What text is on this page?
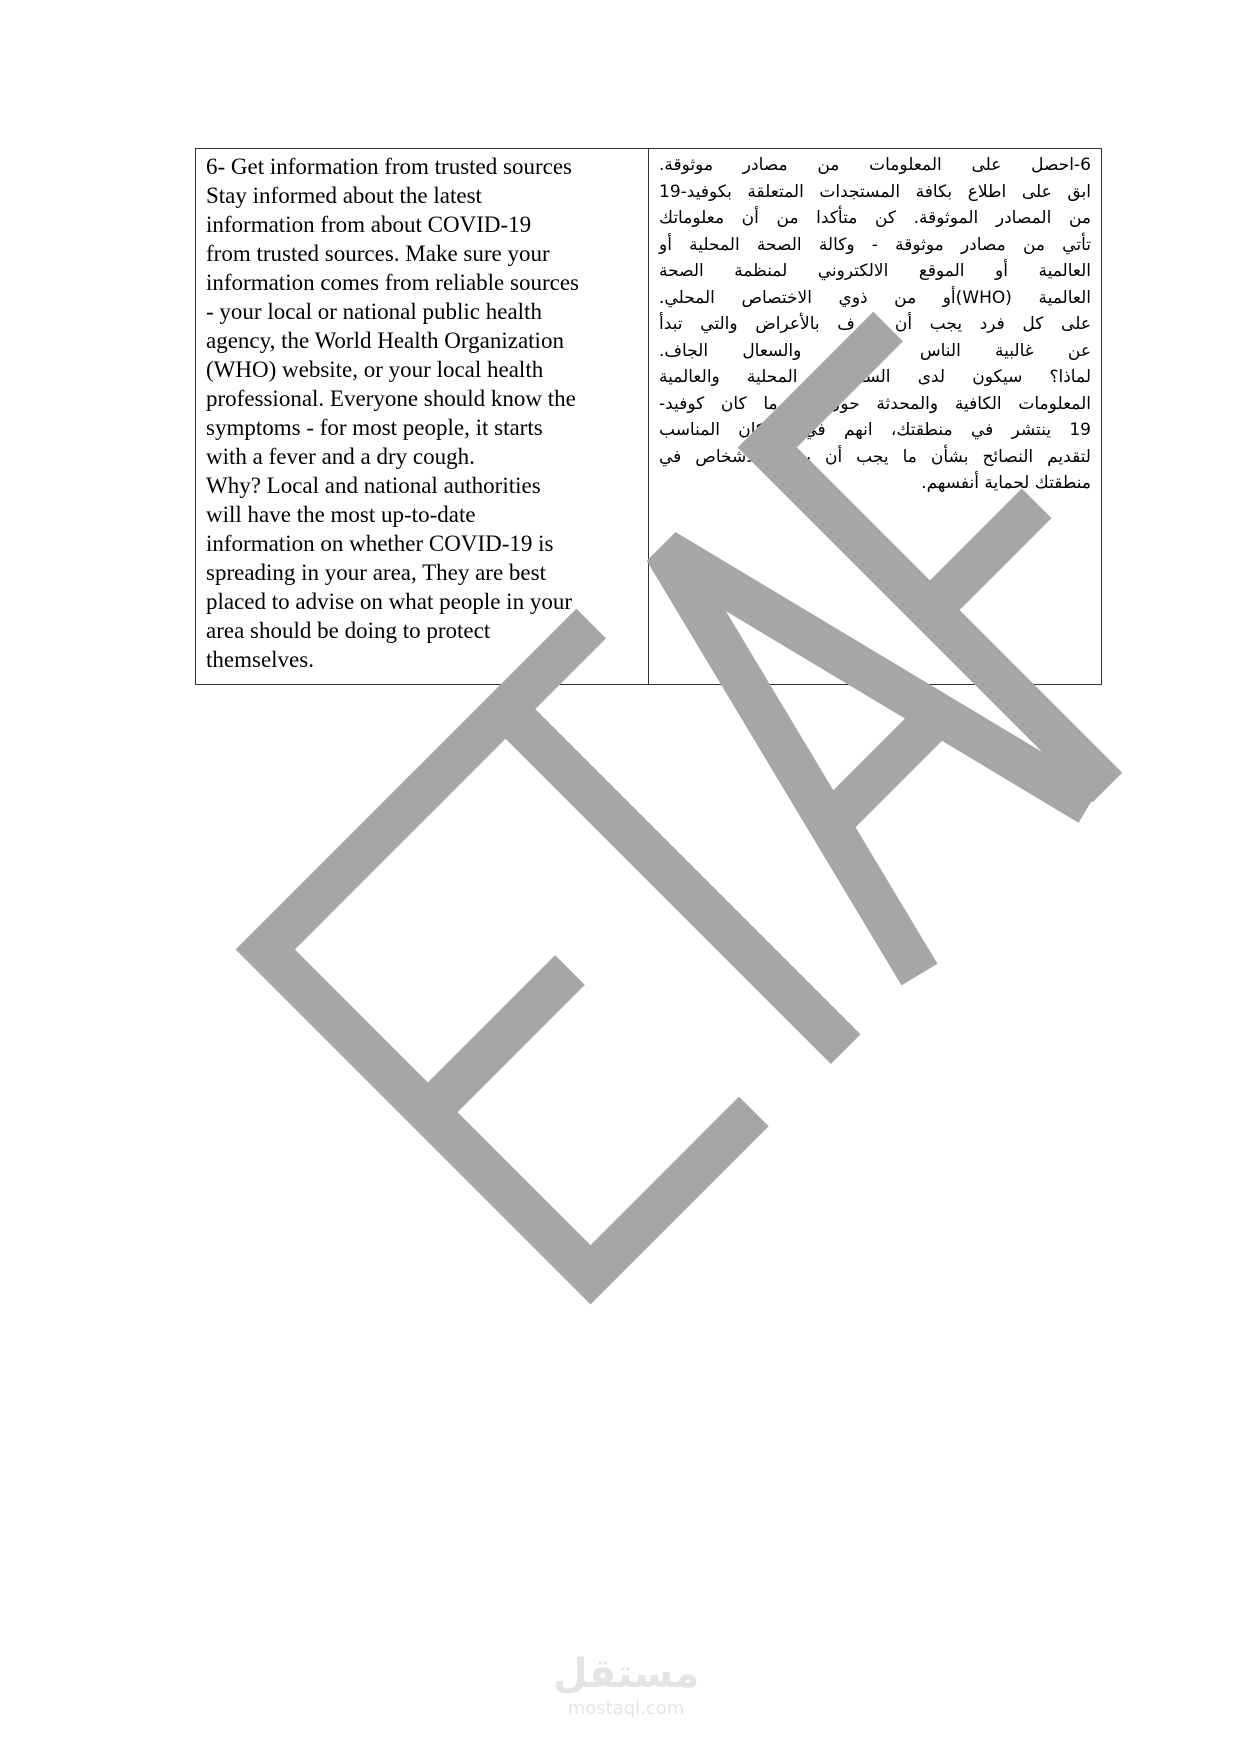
6- Get information from trusted sources
Stay informed about the latest
information from about COVID-19
from trusted sources. Make sure your
information comes from reliable sources
- your local or national public health
agency, the World Health Organization
(WHO) website, or your local health
professional. Everyone should know the
symptoms - for most people, it starts
with a fever and a dry cough.
Why? Local and national authorities
will have the most up-to-date
information on whether COVID-19 is
spreading in your area, They are best
placed to advise on what people in your
area should be doing to protect
themselves.

6-احصل على المعلومات من مصادر موثوقة.
ابق على اطلاع بكافة المستجدات المتعلقة بكوفيد-19
من المصادر الموثوقة. كن متأكدا من أن معلوماتك
تأتي من مصادر موثوقة - وكالة الصحة المحلية أو
العالمية أو الموقع الالكتروني لمنظمة الصحة
العالمية (WHO)أو من ذوي الاختصاص المحلي.
على كل فرد يجب أن يعرف بالأعراض والتي تبدأ
عن غالبية الناس بالحمى والسعال الجاف.
لماذا؟ سيكون لدى السلطات المحلية والعالمية
المعلومات الكافية والمحدثة حول إذا ما كان كوفيد-
19 ينتشر في منطقتك، انهم في المكان المناسب
لتقديم النصائح بشأن ما يجب أن يفعله الأشخاص في
منطقتك لحماية أنفسهم.
مستقل
mostaql.com
